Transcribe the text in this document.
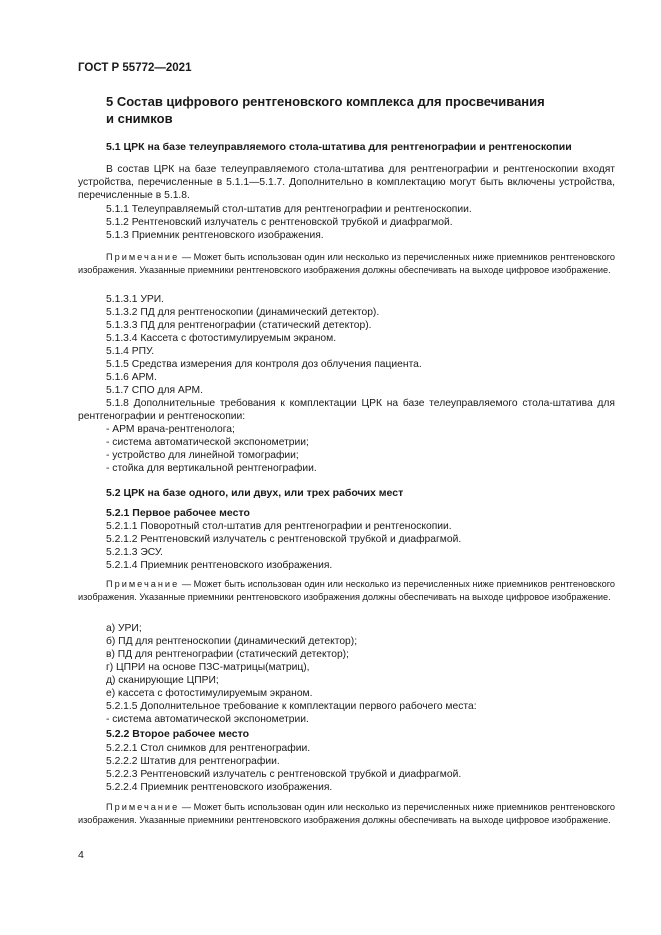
ГОСТ Р 55772—2021
5 Состав цифрового рентгеновского комплекса для просвечивания
и снимков
5.1 ЦРК на базе телеуправляемого стола-штатива для рентгенографии и рентгеноскопии
В состав ЦРК на базе телеуправляемого стола-штатива для рентгенографии и рентгеноскопии входят устройства, перечисленные в 5.1.1—5.1.7. Дополнительно в комплектацию могут быть включены устройства, перечисленные в 5.1.8.
5.1.1 Телеуправляемый стол-штатив для рентгенографии и рентгеноскопии.
5.1.2 Рентгеновский излучатель с рентгеновской трубкой и диафрагмой.
5.1.3 Приемник рентгеновского изображения.
Примечание — Может быть использован один или несколько из перечисленных ниже приемников рентгеновского изображения. Указанные приемники рентгеновского изображения должны обеспечивать на выходе цифровое изображение.
5.1.3.1 УРИ.
5.1.3.2 ПД для рентгеноскопии (динамический детектор).
5.1.3.3 ПД для рентгенографии (статический детектор).
5.1.3.4 Кассета с фотостимулируемым экраном.
5.1.4 РПУ.
5.1.5 Средства измерения для контроля доз облучения пациента.
5.1.6 АРМ.
5.1.7 СПО для АРМ.
5.1.8 Дополнительные требования к комплектации ЦРК на базе телеуправляемого стола-штатива для рентгенографии и рентгеноскопии:
- АРМ врача-рентгенолога;
- система автоматической экспонометрии;
- устройство для линейной томографии;
- стойка для вертикальной рентгенографии.
5.2 ЦРК на базе одного, или двух, или трех рабочих мест
5.2.1 Первое рабочее место
5.2.1.1 Поворотный стол-штатив для рентгенографии и рентгеноскопии.
5.2.1.2 Рентгеновский излучатель с рентгеновской трубкой и диафрагмой.
5.2.1.3 ЭСУ.
5.2.1.4 Приемник рентгеновского изображения.
Примечание — Может быть использован один или несколько из перечисленных ниже приемников рентгеновского изображения. Указанные приемники рентгеновского изображения должны обеспечивать на выходе цифровое изображение.
а) УРИ;
б) ПД для рентгеноскопии (динамический детектор);
в) ПД для рентгенографии (статический детектор);
г) ЦПРИ на основе ПЗС-матрицы(матриц),
д) сканирующие ЦПРИ;
е) кассета с фотостимулируемым экраном.
5.2.1.5 Дополнительное требование к комплектации первого рабочего места:
- система автоматической экспонометрии.
5.2.2 Второе рабочее место
5.2.2.1 Стол снимков для рентгенографии.
5.2.2.2 Штатив для рентгенографии.
5.2.2.3 Рентгеновский излучатель с рентгеновской трубкой и диафрагмой.
5.2.2.4 Приемник рентгеновского изображения.
Примечание — Может быть использован один или несколько из перечисленных ниже приемников рентгеновского изображения. Указанные приемники рентгеновского изображения должны обеспечивать на выходе цифровое изображение.
4
